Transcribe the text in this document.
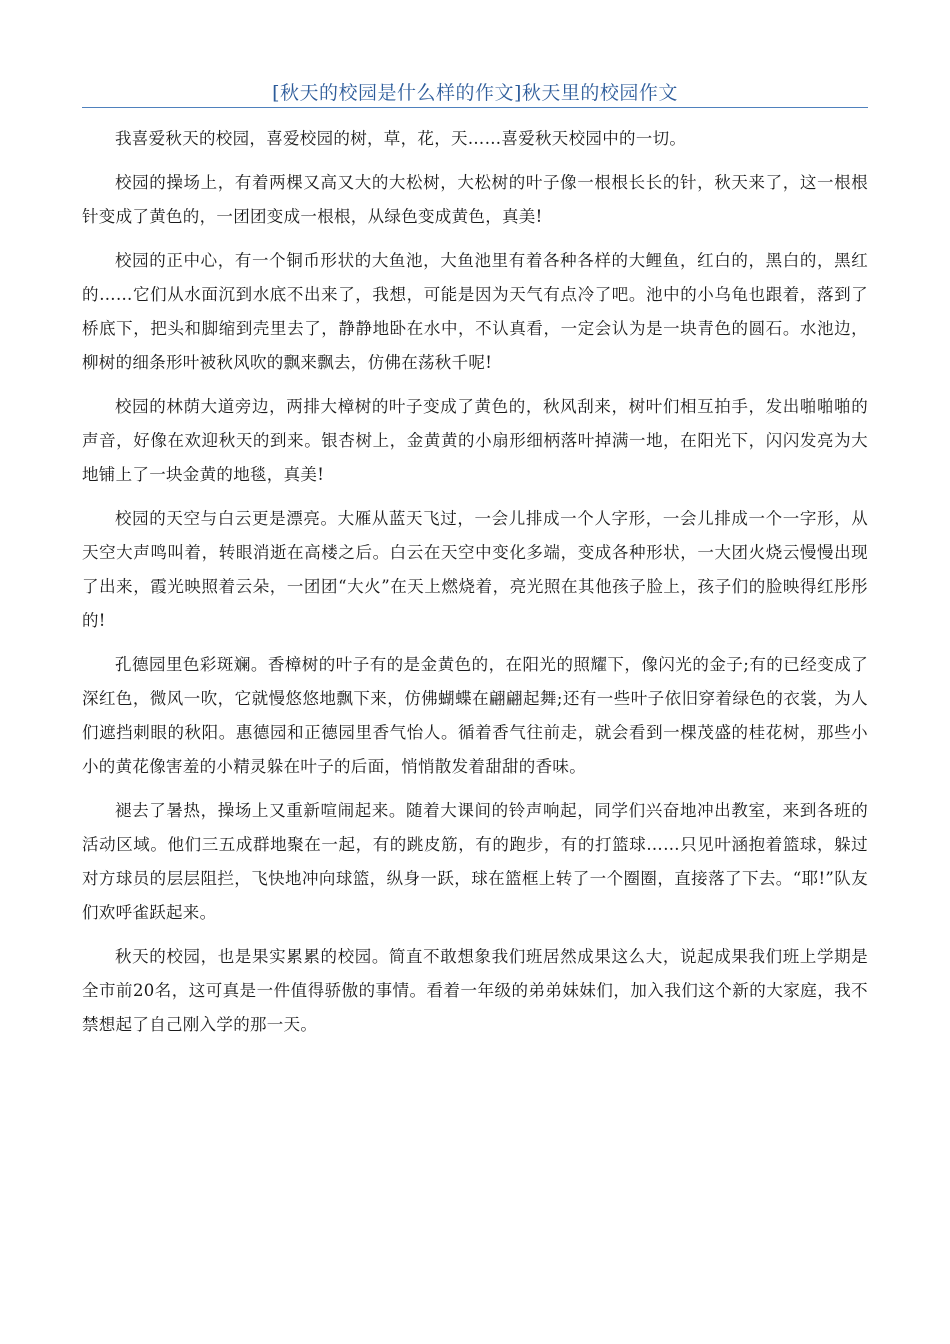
[秋天的校园是什么样的作文]秋天里的校园作文

我喜爱秋天的校园，喜爱校园的树，草，花，天……喜爱秋天校园中的一切。

校园的操场上，有着两棵又高又大的大松树，大松树的叶子像一根根长长的针，秋天来了，这一根根针变成了黄色的，一团团变成一根根，从绿色变成黄色，真美!

校园的正中心，有一个铜币形状的大鱼池，大鱼池里有着各种各样的大鲤鱼，红白的，黑白的，黑红的……它们从水面沉到水底不出来了，我想，可能是因为天气有点冷了吧。池中的小乌龟也跟着，落到了桥底下，把头和脚缩到壳里去了，静静地卧在水中，不认真看，一定会认为是一块青色的圆石。水池边，柳树的细条形叶被秋风吹的飘来飘去，仿佛在荡秋千呢!

校园的林荫大道旁边，两排大樟树的叶子变成了黄色的，秋风刮来，树叶们相互拍手，发出啪啪啪的声音，好像在欢迎秋天的到来。银杏树上，金黄黄的小扇形细柄落叶掉满一地，在阳光下，闪闪发亮为大地铺上了一块金黄的地毯，真美!

校园的天空与白云更是漂亮。大雁从蓝天飞过，一会儿排成一个人字形，一会儿排成一个一字形，从天空大声鸣叫着，转眼消逝在高楼之后。白云在天空中变化多端，变成各种形状，一大团火烧云慢慢出现了出来，霞光映照着云朵，一团团“大火”在天上燃烧着，亮光照在其他孩子脸上，孩子们的脸映得红彤彤的!

孔德园里色彩斑斓。香樟树的叶子有的是金黄色的，在阳光的照耀下，像闪光的金子;有的已经变成了深红色，微风一吹，它就慢悠悠地飘下来，仿佛蝴蝶在翩翩起舞;还有一些叶子依旧穿着绿色的衣裳，为人们遮挡刺眼的秋阳。惠德园和正德园里香气怡人。循着香气往前走，就会看到一棵茂盛的桂花树，那些小小的黄花像害羞的小精灵躲在叶子的后面，悄悄散发着甜甜的香味。

褪去了暑热，操场上又重新喧闹起来。随着大课间的铃声响起，同学们兴奋地冲出教室，来到各班的活动区域。他们三五成群地聚在一起，有的跳皮筋，有的跑步，有的打篮球……只见叶涵抱着篮球，躲过对方球员的层层阻拦，飞快地冲向球篮，纵身一跃，球在篮框上转了一个圈圈，直接落了下去。“耶!”队友们欢呼雀跃起来。

秋天的校园，也是果实累累的校园。简直不敢想象我们班居然成果这么大，说起成果我们班上学期是全市前20名，这可真是一件值得骄傲的事情。看着一年级的弟弟妹妹们，加入我们这个新的大家庭，我不禁想起了自己刚入学的那一天。
